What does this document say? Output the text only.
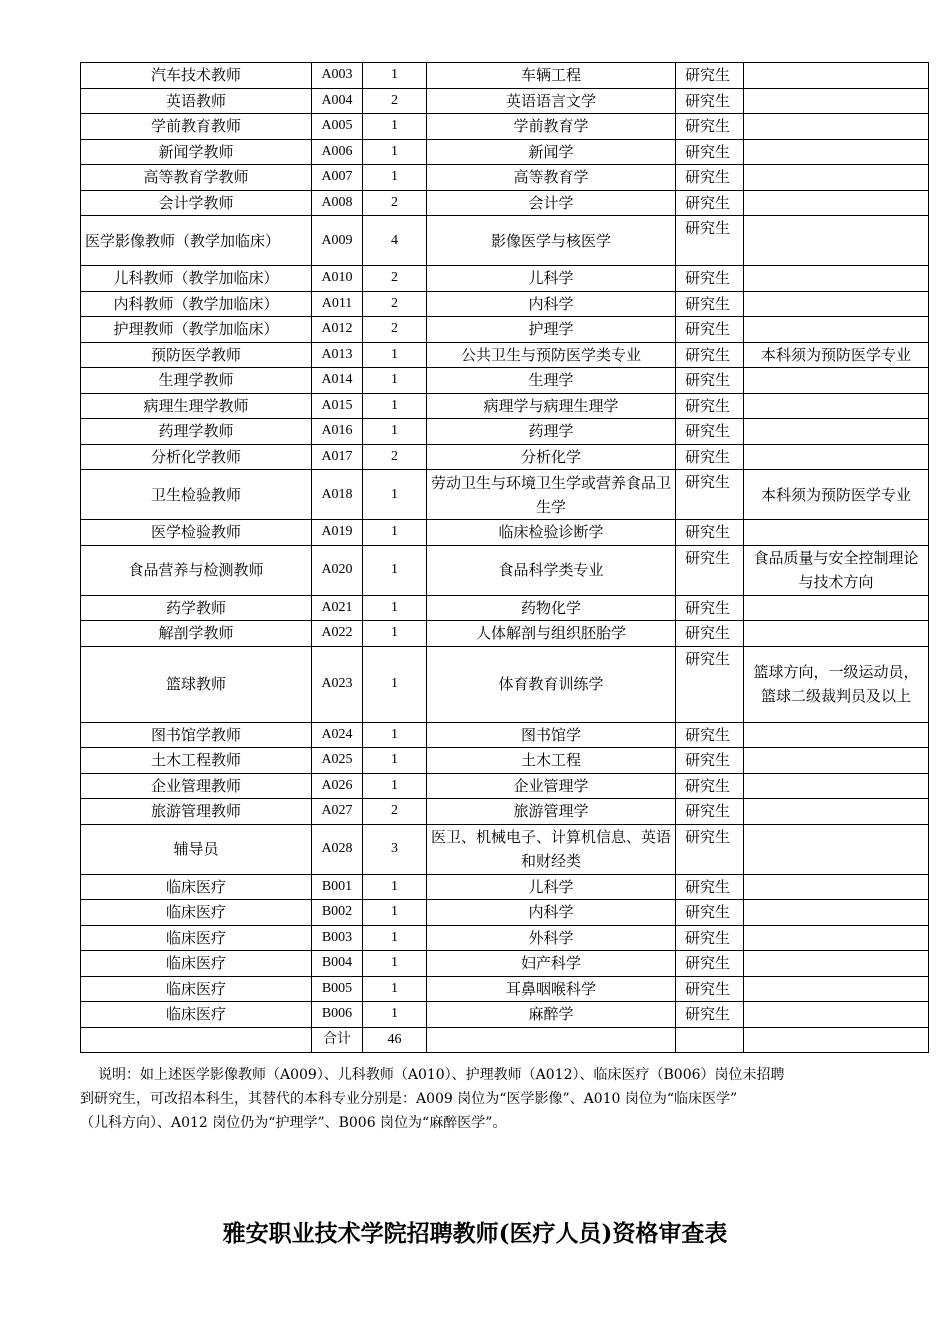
汽车技术教师	A003	1	车辆工程	研究生	
英语教师	A004	2	英语语言文学	研究生	
学前教育教师	A005	1	学前教育学	研究生	
新闻学教师	A006	1	新闻学	研究生	
高等教育学教师	A007	1	高等教育学	研究生	
会计学教师	A008	2	会计学	研究生	
医学影像教师（教学加临床）	A009	4	影像医学与核医学	研究生	
儿科教师（教学加临床）	A010	2	儿科学	研究生	
内科教师（教学加临床）	A011	2	内科学	研究生	
护理教师（教学加临床）	A012	2	护理学	研究生	
预防医学教师	A013	1	公共卫生与预防医学类专业	研究生	本科须为预防医学专业
生理学教师	A014	1	生理学	研究生	
病理生理学教师	A015	1	病理学与病理生理学	研究生	
药理学教师	A016	1	药理学	研究生	
分析化学教师	A017	2	分析化学	研究生	
卫生检验教师	A018	1	劳动卫生与环境卫生学或营养食品卫生学	研究生	本科须为预防医学专业
医学检验教师	A019	1	临床检验诊断学	研究生	
食品营养与检测教师	A020	1	食品科学类专业	研究生	食品质量与安全控制理论与技术方向
药学教师	A021	1	药物化学	研究生	
解剖学教师	A022	1	人体解剖与组织胚胎学	研究生	
篮球教师	A023	1	体育教育训练学	研究生	篮球方向，一级运动员，篮球二级裁判员及以上
图书馆学教师	A024	1	图书馆学	研究生	
土木工程教师	A025	1	土木工程	研究生	
企业管理教师	A026	1	企业管理学	研究生	
旅游管理教师	A027	2	旅游管理学	研究生	
辅导员	A028	3	医卫、机械电子、计算机信息、英语和财经类	研究生	
临床医疗	B001	1	儿科学	研究生	
临床医疗	B002	1	内科学	研究生	
临床医疗	B003	1	外科学	研究生	
临床医疗	B004	1	妇产科学	研究生	
临床医疗	B005	1	耳鼻咽喉科学	研究生	
临床医疗	B006	1	麻醉学	研究生	
	合计	46			

说明：如上述医学影像教师（A009）、儿科教师（A010）、护理教师（A012）、临床医疗（B006）岗位未招聘

到研究生，可改招本科生，其替代的本科专业分别是：A009 岗位为“医学影像”、A010 岗位为“临床医学”

（儿科方向）、A012 岗位仍为“护理学”、B006 岗位为“麻醉医学”。

雅安职业技术学院招聘教师(医疗人员)资格审查表
